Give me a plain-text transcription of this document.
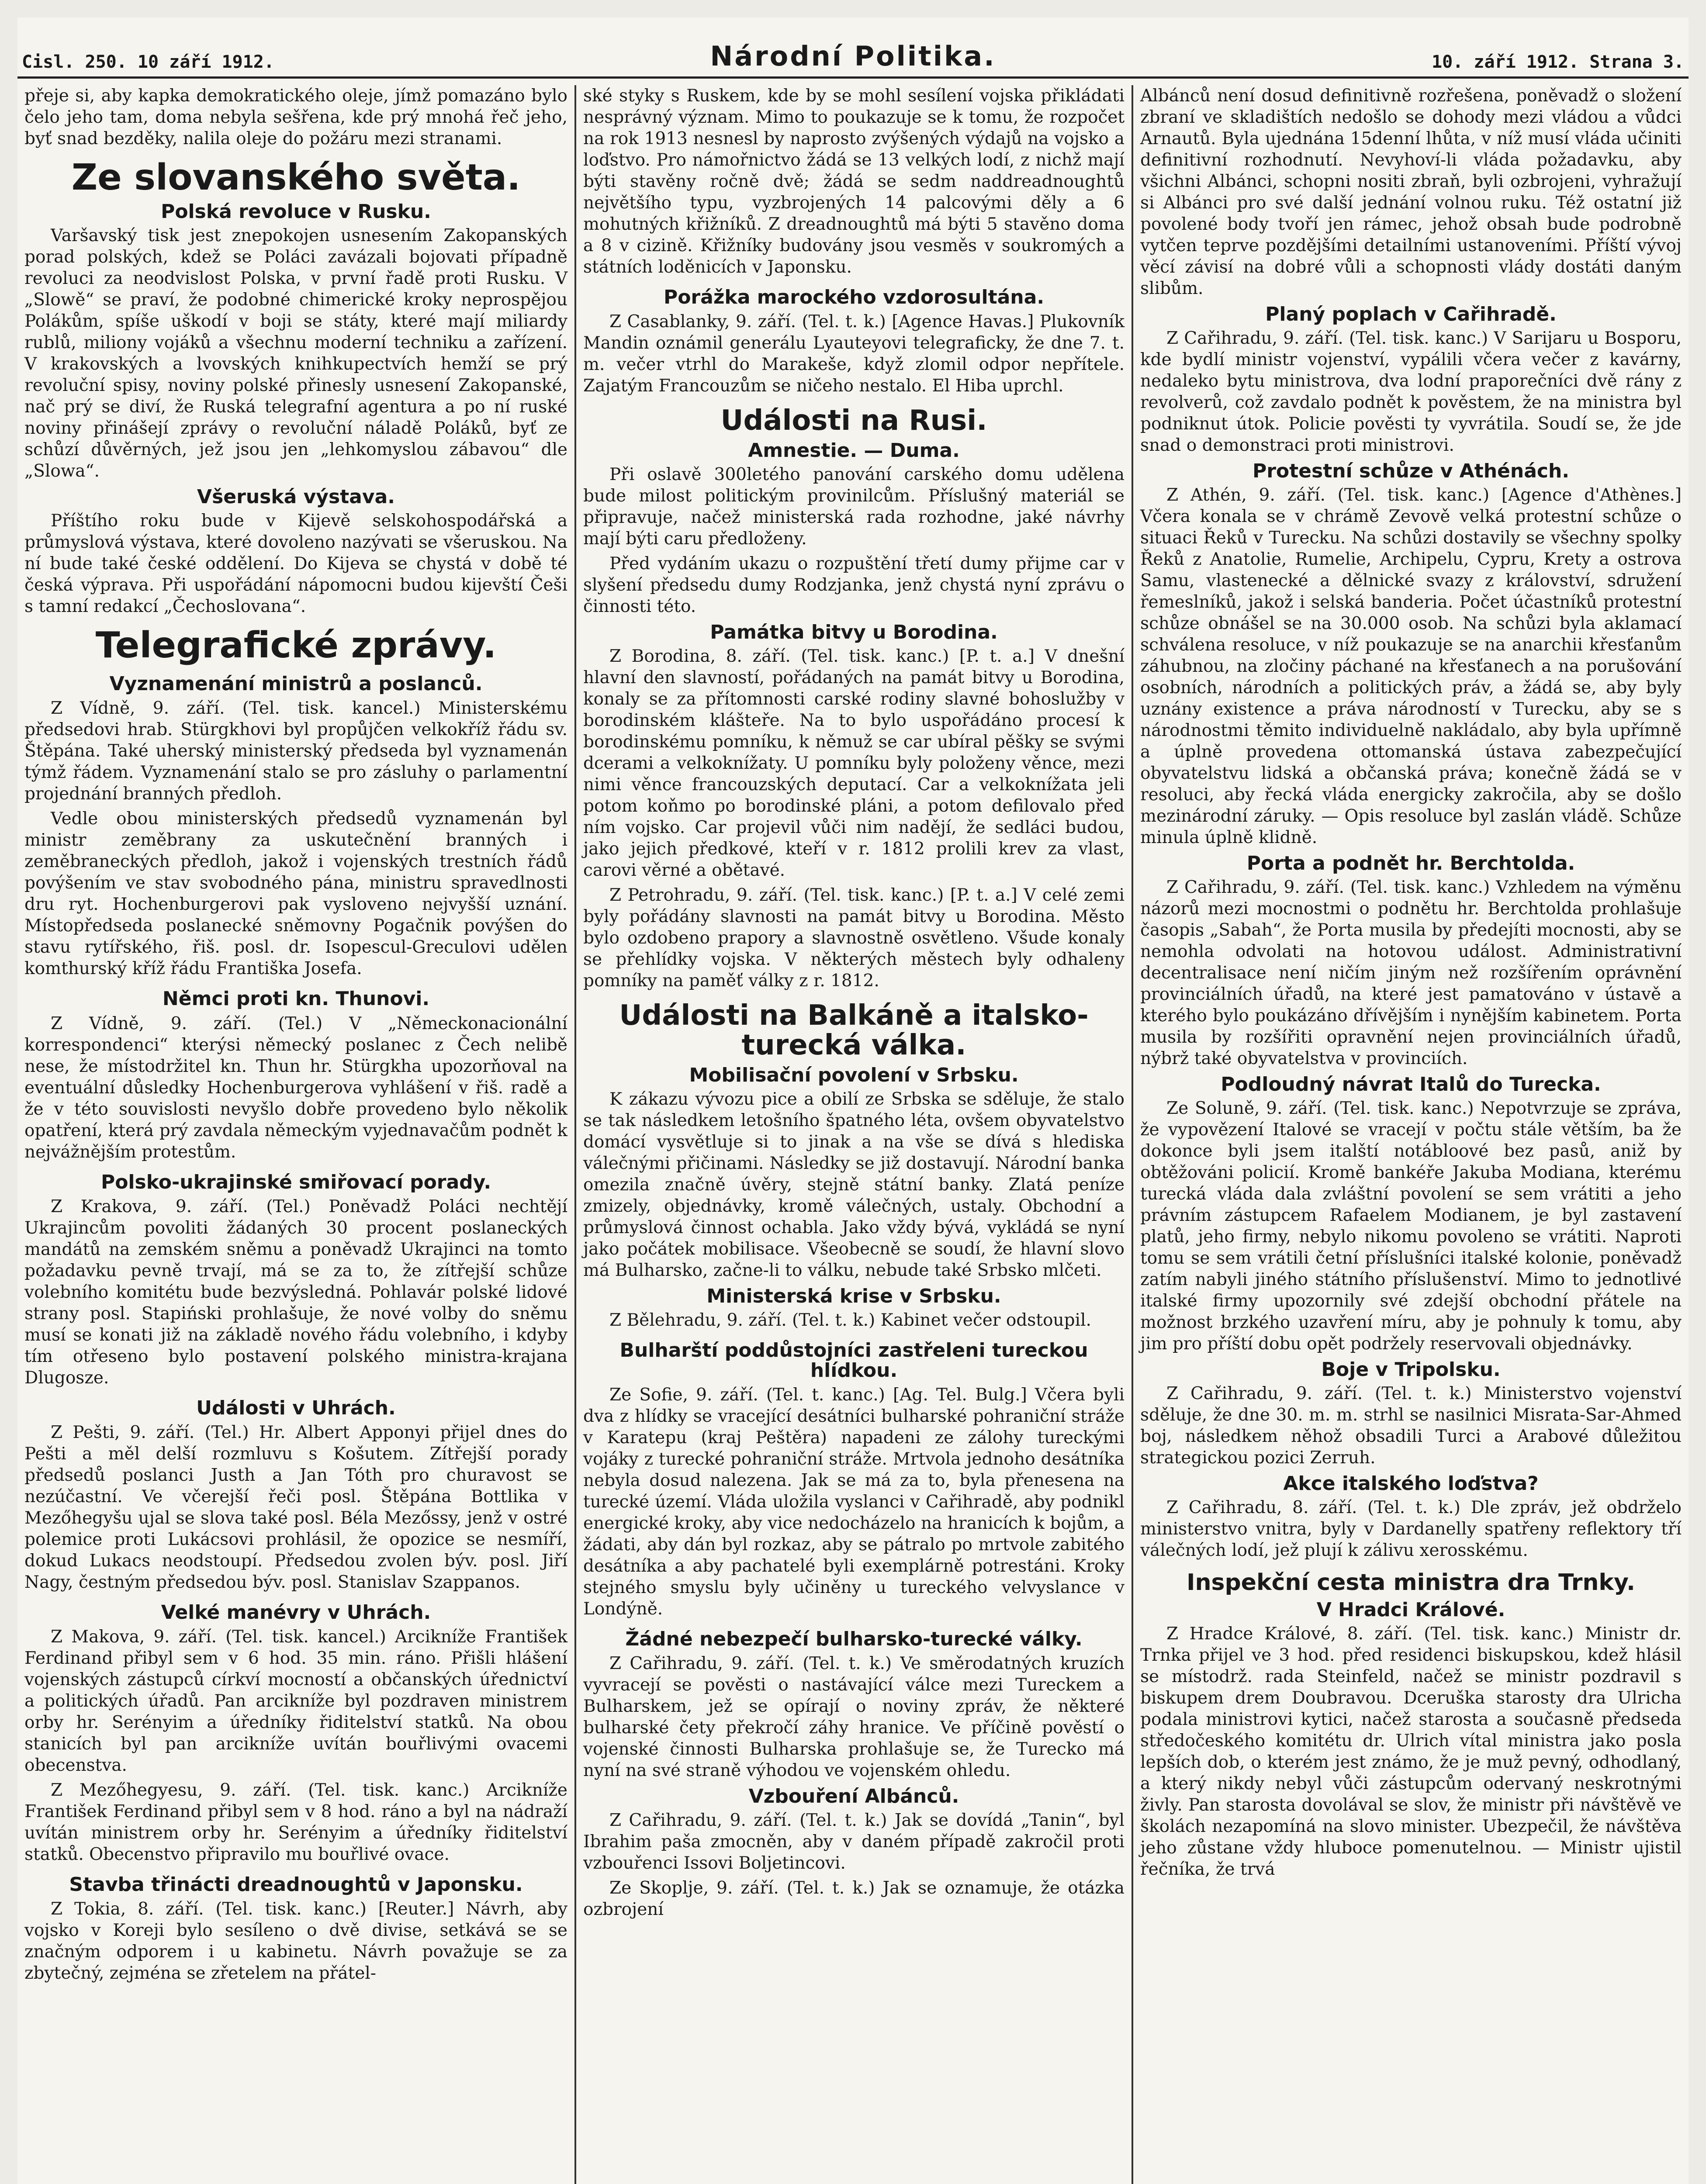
Cisl. 250. 10 září 1912.	Národní Politika.	10. září 1912. Strana 3.

přeje si, aby kapka demokratického oleje, jímž pomazáno bylo čelo jeho tam, doma nebyla sešřena, kde prý mnohá řeč jeho, byť snad bezděky, nalila oleje do požáru mezi stranami.

Ze slovanského světa.
Polská revoluce v Rusku.

Varšavský tisk jest znepokojen usnesením Zakopanských porad polských, kdež se Poláci zavázali bojovati případně revoluci za neodvislost Polska, v první řadě proti Rusku. V „Slowě“ se praví, že podobné chimerické kroky neprospějou Polákům, spíše uškodí v boji se státy, které mají miliardy rublů, miliony vojáků a všechnu moderní techniku a zařízení. V krakovských a lvovských knihkupectvích hemží se prý revoluční spisy, noviny polské přinesly usnesení Zakopanské, nač prý se diví, že Ruská telegrafní agentura a po ní ruské noviny přinášejí zprávy o revoluční náladě Poláků, byť ze schůzí důvěrných, jež jsou jen „lehkomyslou zábavou“ dle „Slowa“.

Všeruská výstava.

Příštího roku bude v Kijevě selskohospodářská a průmyslová výstava, které dovoleno nazývati se všeruskou. Na ní bude také české oddělení. Do Kijeva se chystá v době té česká výprava. Při uspořádání nápomocni budou kijevští Češi s tamní redakcí „Čechoslovana“.

Telegrafické zprávy.
Vyznamenání ministrů a poslanců.

Z Vídně, 9. září. (Tel. tisk. kancel.) Ministerskému předsedovi hrab. Stürgkhovi byl propůjčen velkokříž řádu sv. Štěpána. Také uherský ministerský předseda byl vyznamenán týmž řádem. Vyznamenání stalo se pro zásluhy o parlamentní projednání branných předloh.

Vedle obou ministerských předsedů vyznamenán byl ministr zeměbrany za uskutečnění branných i zeměbraneckých předloh, jakož i vojenských trestních řádů povýšením ve stav svobodného pána, ministru spravedlnosti dru ryt. Hochenburgerovi pak vysloveno nejvyšší uznání. Místopředseda poslanecké sněmovny Pogačnik povýšen do stavu rytířského, řiš. posl. dr. Isopescul-Greculovi udělen komthurský kříž řádu Františka Josefa.

Němci proti kn. Thunovi.

Z Vídně, 9. září. (Tel.) V „Německonacionální korrespondenci“ kterýsi německý poslanec z Čech nelibě nese, že místodržitel kn. Thun hr. Stürgkha upozorňoval na eventuální důsledky Hochenburgerova vyhlášení v řiš. radě a že v této souvislosti nevyšlo dobře provedeno bylo několik opatření, která prý zavdala německým vyjednavačům podnět k nejvážnějším protestům.

Polsko-ukrajinské smiřovací porady.

Z Krakova, 9. září. (Tel.) Poněvadž Poláci nechtějí Ukrajincům povoliti žádaných 30 procent poslaneckých mandátů na zemském sněmu a poněvadž Ukrajinci na tomto požadavku pevně trvají, má se za to, že zítřejší schůze volebního komitétu bude bezvýsledná. Pohlavár polské lidové strany posl. Stapiński prohlašuje, že nové volby do sněmu musí se konati již na základě nového řádu volebního, i kdyby tím otřeseno bylo postavení polského ministra-krajana Dlugosze.

Události v Uhrách.

Z Pešti, 9. září. (Tel.) Hr. Albert Apponyi přijel dnes do Pešti a měl delší rozmluvu s Košutem. Zítřejší porady předsedů poslanci Justh a Jan Tóth pro churavost se nezúčastní. Ve včerejší řeči posl. Štěpána Bottlika v Mezőhegyšu ujal se slova také posl. Béla Mezőssy, jenž v ostré polemice proti Lukácsovi prohlásil, že opozice se nesmíří, dokud Lukacs neodstoupí. Předsedou zvolen býv. posl. Jiří Nagy, čestným předsedou býv. posl. Stanislav Szappanos.

Velké manévry v Uhrách.

Z Makova, 9. září. (Tel. tisk. kancel.) Arcikníže František Ferdinand přibyl sem v 6 hod. 35 min. ráno. Přišli hlášení vojenských zástupců církví mocností a občanských úřednictví a politických úřadů. Pan arcikníže byl pozdraven ministrem orby hr. Serényim a úředníky řiditelství statků. Na obou stanicích byl pan arcikníže uvítán bouřlivými ovacemi obecenstva.

Z Mezőhegyesu, 9. září. (Tel. tisk. kanc.) Arcikníže František Ferdinand přibyl sem v 8 hod. ráno a byl na nádraží uvítán ministrem orby hr. Serényim a úředníky řiditelství statků. Obecenstvo připravilo mu bouřlivé ovace.

Stavba třinácti dreadnoughtů v Japonsku.

Z Tokia, 8. září. (Tel. tisk. kanc.) [Reuter.] Návrh, aby vojsko v Koreji bylo sesíleno o dvě divise, setkává se se značným odporem i u kabinetu. Návrh považuje se za zbytečný, zejména se zřetelem na přátel-

ské styky s Ruskem, kde by se mohl sesílení vojska přikládati nesprávný význam. Mimo to poukazuje se k tomu, že rozpočet na rok 1913 nesnesl by naprosto zvýšených výdajů na vojsko a loďstvo. Pro námořnictvo žádá se 13 velkých lodí, z nichž mají býti stavěny ročně dvě; žádá se sedm naddreadnoughtů největšího typu, vyzbrojených 14 palcovými děly a 6 mohutných křižníků. Z dreadnoughtů má býti 5 stavěno doma a 8 v cizině. Křižníky budovány jsou vesměs v soukromých a státních loděnicích v Japonsku.

Porážka marockého vzdorosultána.

Z Casablanky, 9. září. (Tel. t. k.) [Agence Havas.] Plukovník Mandin oznámil generálu Lyauteyovi telegraficky, že dne 7. t. m. večer vtrhl do Marakeše, když zlomil odpor nepřítele. Zajatým Francouzům se ničeho nestalo. El Hiba uprchl.

Události na Rusi.
Amnestie. — Duma.

Při oslavě 300letého panování carského domu udělena bude milost politickým provinilcům. Příslušný materiál se připravuje, načež ministerská rada rozhodne, jaké návrhy mají býti caru předloženy.

Před vydáním ukazu o rozpuštění třetí dumy přijme car v slyšení předsedu dumy Rodzjanka, jenž chystá nyní zprávu o činnosti této.

Památka bitvy u Borodina.

Z Borodina, 8. září. (Tel. tisk. kanc.) [P. t. a.] V dnešní hlavní den slavností, pořádaných na památ bitvy u Borodina, konaly se za přítomnosti carské rodiny slavné bohoslužby v borodinském klášteře. Na to bylo uspořádáno procesí k borodinskému pomníku, k němuž se car ubíral pěšky se svými dcerami a velkoknížaty. U pomníku byly položeny věnce, mezi nimi věnce francouzských deputací. Car a velkoknížata jeli potom koňmo po borodinské pláni, a potom defilovalo před ním vojsko. Car projevil vůči nim nadějí, že sedláci budou, jako jejich předkové, kteří v r. 1812 prolili krev za vlast, carovi věrné a obětavé.

Z Petrohradu, 9. září. (Tel. tisk. kanc.) [P. t. a.] V celé zemi byly pořádány slavnosti na památ bitvy u Borodina. Město bylo ozdobeno prapory a slavnostně osvětleno. Všude konaly se přehlídky vojska. V některých městech byly odhaleny pomníky na paměť války z r. 1812.

Události na Balkáně a italsko-turecká válka.
Mobilisační povolení v Srbsku.

K zákazu vývozu pice a obilí ze Srbska se sděluje, že stalo se tak následkem letošního špatného léta, ovšem obyvatelstvo domácí vysvětluje si to jinak a na vše se dívá s hlediska válečnými přičinami. Následky se již dostavují. Národní banka omezila značně úvěry, stejně státní banky. Zlatá peníze zmizely, objednávky, kromě válečných, ustaly. Obchodní a průmyslová činnost ochabla. Jako vždy bývá, vykládá se nyní jako počátek mobilisace. Všeobecně se soudí, že hlavní slovo má Bulharsko, začne-li to válku, nebude také Srbsko mlčeti.

Ministerská krise v Srbsku.

Z Bělehradu, 9. září. (Tel. t. k.) Kabinet večer odstoupil.

Bulharští poddůstojníci zastřeleni tureckou hlídkou.

Ze Sofie, 9. září. (Tel. t. kanc.) [Ag. Tel. Bulg.] Včera byli dva z hlídky se vracející desátníci bulharské pohraniční stráže v Karatepu (kraj Peštěra) napadeni ze zálohy tureckými vojáky z turecké pohraniční stráže. Mrtvola jednoho desátníka nebyla dosud nalezena. Jak se má za to, byla přenesena na turecké území. Vláda uložila vyslanci v Cařihradě, aby podnikl energické kroky, aby vice nedocházelo na hranicích k bojům, a žádati, aby dán byl rozkaz, aby se pátralo po mrtvole zabitého desátníka a aby pachatelé byli exemplárně potrestáni. Kroky stejného smyslu byly učiněny u tureckého velvyslance v Londýně.

Žádné nebezpečí bulharsko-turecké války.

Z Cařihradu, 9. září. (Tel. t. k.) Ve směrodatných kruzích vyvracejí se pověsti o nastávající válce mezi Tureckem a Bulharskem, jež se opírají o noviny zpráv, že některé bulharské čety překročí záhy hranice. Ve příčině pověstí o vojenské činnosti Bulharska prohlašuje se, že Turecko má nyní na své straně výhodou ve vojenském ohledu.

Vzbouření Albánců.

Z Cařihradu, 9. září. (Tel. t. k.) Jak se dovídá „Tanin“, byl Ibrahim paša zmocněn, aby v daném případě zakročil proti vzbouřenci Issovi Boljetincovi.

Ze Skoplje, 9. září. (Tel. t. k.) Jak se oznamuje, že otázka ozbrojení

Albánců není dosud definitivně rozřešena, poněvadž o složení zbraní ve skladištích nedošlo se dohody mezi vládou a vůdci Arnautů. Byla ujednána 15denní lhůta, v níž musí vláda učiniti definitivní rozhodnutí. Nevyhoví-li vláda požadavku, aby všichni Albánci, schopni nositi zbraň, byli ozbrojeni, vyhražují si Albánci pro své další jednání volnou ruku. Též ostatní již povolené body tvoří jen rámec, jehož obsah bude podrobně vytčen teprve pozdějšími detailními ustanoveními. Příští vývoj věcí závisí na dobré vůli a schopnosti vlády dostáti daným slibům.

Planý poplach v Cařihradě.

Z Cařihradu, 9. září. (Tel. tisk. kanc.) V Sarijaru u Bosporu, kde bydlí ministr vojenství, vypálili včera večer z kavárny, nedaleko bytu ministrova, dva lodní praporečníci dvě rány z revolverů, což zavdalo podnět k pověstem, že na ministra byl podniknut útok. Policie pověsti ty vyvrátila. Soudí se, že jde snad o demonstraci proti ministrovi.

Protestní schůze v Athénách.

Z Athén, 9. září. (Tel. tisk. kanc.) [Agence d'Athènes.] Včera konala se v chrámě Zevově velká protestní schůze o situaci Řeků v Turecku. Na schůzi dostavily se všechny spolky Řeků z Anatolie, Rumelie, Archipelu, Cypru, Krety a ostrova Samu, vlastenecké a dělnické svazy z království, sdružení řemeslníků, jakož i selská banderia. Počet účastníků protestní schůze obnášel se na 30.000 osob. Na schůzi byla aklamací schválena resoluce, v níž poukazuje se na anarchii křesťanům záhubnou, na zločiny páchané na křesťanech a na porušování osobních, národních a politických práv, a žádá se, aby byly uznány existence a práva národností v Turecku, aby se s národnostmi těmito individuelně nakládalo, aby byla upřímně a úplně provedena ottomanská ústava zabezpečující obyvatelstvu lidská a občanská práva; konečně žádá se v resoluci, aby řecká vláda energicky zakročila, aby se došlo mezinárodní záruky. — Opis resoluce byl zaslán vládě. Schůze minula úplně klidně.

Porta a podnět hr. Berchtolda.

Z Cařihradu, 9. září. (Tel. tisk. kanc.) Vzhledem na výměnu názorů mezi mocnostmi o podnětu hr. Berchtolda prohlašuje časopis „Sabah“, že Porta musila by předejíti mocnosti, aby se nemohla odvolati na hotovou událost. Administrativní decentralisace není ničím jiným než rozšířením oprávnění provinciálních úřadů, na které jest pamatováno v ústavě a kterého bylo poukázáno dřívějším i nynějším kabinetem. Porta musila by rozšířiti opravnění nejen provinciálních úřadů, nýbrž také obyvatelstva v provinciích.

Podloudný návrat Italů do Turecka.

Ze Soluně, 9. září. (Tel. tisk. kanc.) Nepotvrzuje se zpráva, že vypovězení Italové se vracejí v počtu stále větším, ba že dokonce byli jsem italští notábloové bez pasů, aniž by obtěžováni policií. Kromě bankéře Jakuba Modiana, kterému turecká vláda dala zvláštní povolení se sem vrátiti a jeho právním zástupcem Rafaelem Modianem, je byl zastavení platů, jeho firmy, nebylo nikomu povoleno se vrátiti. Naproti tomu se sem vrátili četní příslušníci italské kolonie, poněvadž zatím nabyli jiného státního příslušenství. Mimo to jednotlivé italské firmy upozornily své zdejší obchodní přátele na možnost brzkého uzavření míru, aby je pohnuly k tomu, aby jim pro příští dobu opět podržely reservovali objednávky.

Boje v Tripolsku.

Z Cařihradu, 9. září. (Tel. t. k.) Ministerstvo vojenství sděluje, že dne 30. m. m. strhl se nasilnici Misrata-Sar-Ahmed boj, následkem něhož obsadili Turci a Arabové důležitou strategickou pozici Zerruh.

Akce italského loďstva?

Z Cařihradu, 8. září. (Tel. t. k.) Dle zpráv, jež obdrželo ministerstvo vnitra, byly v Dardanelly spatřeny reflektory tří válečných lodí, jež plují k zálivu xerosskému.

Inspekční cesta ministra dra Trnky.
V Hradci Králové.

Z Hradce Králové, 8. září. (Tel. tisk. kanc.) Ministr dr. Trnka přijel ve 3 hod. před residenci biskupskou, kdež hlásil se místodrž. rada Steinfeld, načež se ministr pozdravil s biskupem drem Doubravou. Dceruška starosty dra Ulricha podala ministrovi kytici, načež starosta a současně předseda středočeského komitétu dr. Ulrich vítal ministra jako posla lepších dob, o kterém jest známo, že je muž pevný, odhodlaný, a který nikdy nebyl vůči zástupcům odervaný neskrotnými živly. Pan starosta dovolával se slov, že ministr při návštěvě ve školách nezapomíná na slovo minister. Ubezpečil, že návštěva jeho zůstane vždy hluboce pomenutelnou. — Ministr ujistil řečníka, že trvá
